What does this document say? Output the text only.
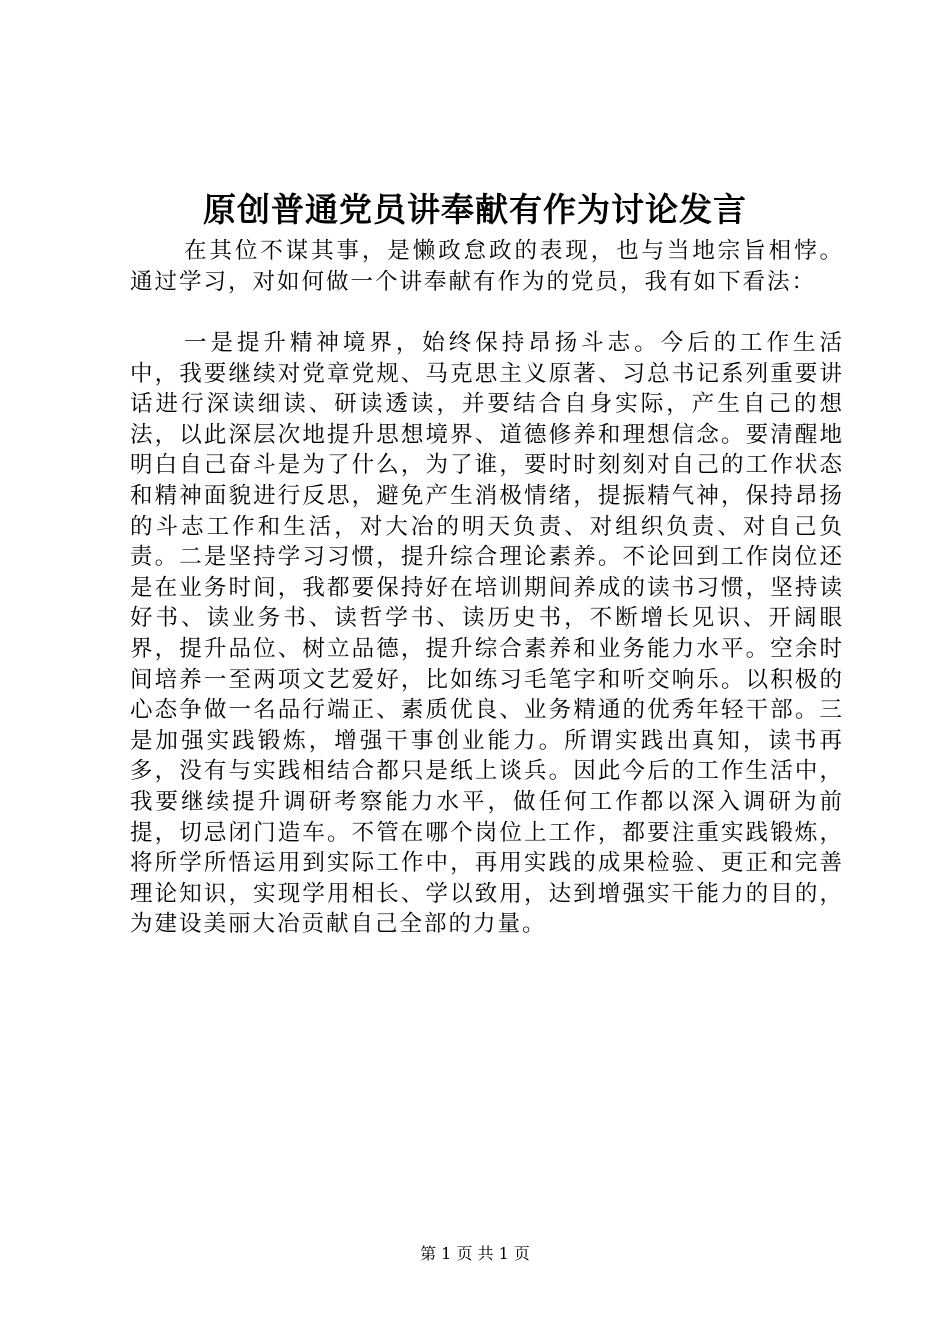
原创普通党员讲奉献有作为讨论发言

在其位不谋其事，是懒政怠政的表现，也与当地宗旨相悖。通过学习，对如何做一个讲奉献有作为的党员，我有如下看法：

一是提升精神境界，始终保持昂扬斗志。今后的工作生活中，我要继续对党章党规、马克思主义原著、习总书记系列重要讲话进行深读细读、研读透读，并要结合自身实际，产生自己的想法，以此深层次地提升思想境界、道德修养和理想信念。要清醒地明白自己奋斗是为了什么，为了谁，要时时刻刻对自己的工作状态和精神面貌进行反思，避免产生消极情绪，提振精气神，保持昂扬的斗志工作和生活，对大冶的明天负责、对组织负责、对自己负责。二是坚持学习习惯，提升综合理论素养。不论回到工作岗位还是在业务时间，我都要保持好在培训期间养成的读书习惯，坚持读好书、读业务书、读哲学书、读历史书，不断增长见识、开阔眼界，提升品位、树立品德，提升综合素养和业务能力水平。空余时间培养一至两项文艺爱好，比如练习毛笔字和听交响乐。以积极的心态争做一名品行端正、素质优良、业务精通的优秀年轻干部。三是加强实践锻炼，增强干事创业能力。所谓实践出真知，读书再多，没有与实践相结合都只是纸上谈兵。因此今后的工作生活中，我要继续提升调研考察能力水平，做任何工作都以深入调研为前提，切忌闭门造车。不管在哪个岗位上工作，都要注重实践锻炼，将所学所悟运用到实际工作中，再用实践的成果检验、更正和完善理论知识，实现学用相长、学以致用，达到增强实干能力的目的，为建设美丽大冶贡献自己全部的力量。

第 1 页 共 1 页
